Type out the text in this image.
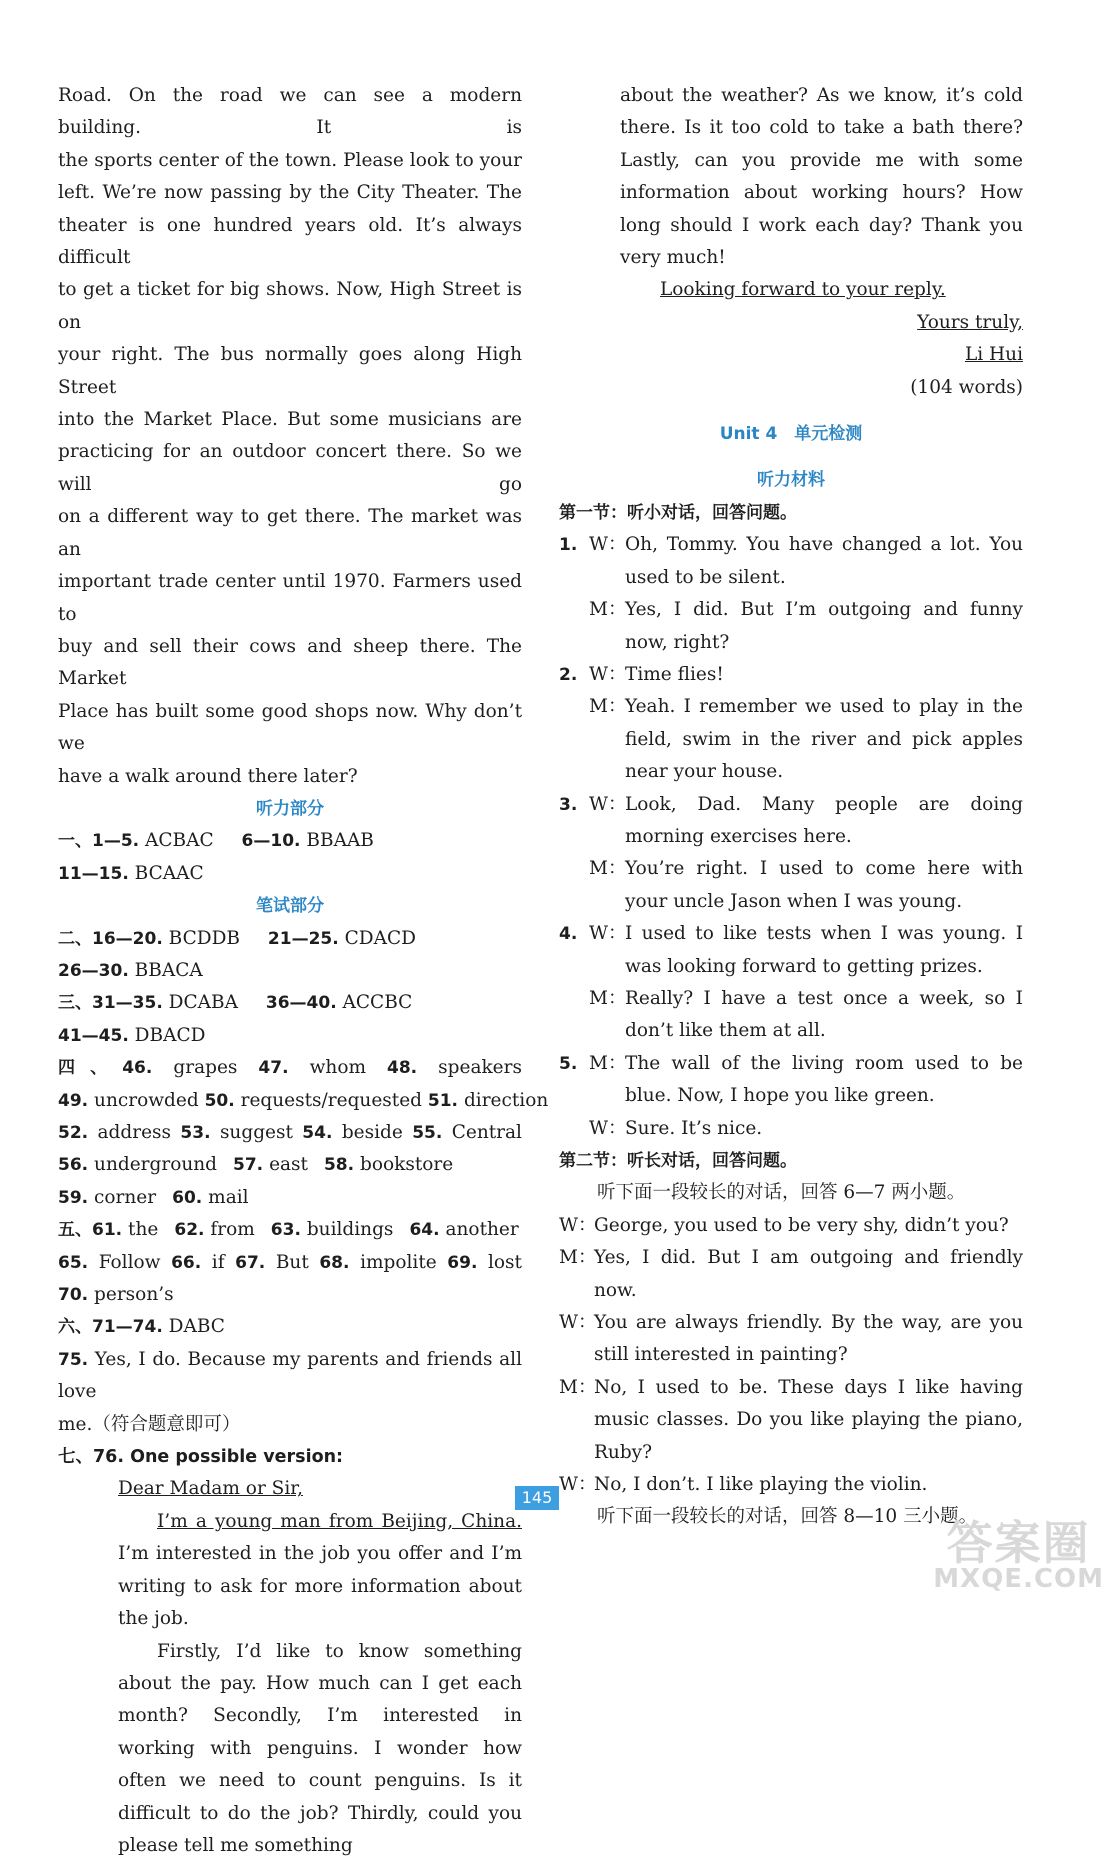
Road. On the road we can see a modern building. It is

the sports center of the town. Please look to your

left. We’re now passing by the City Theater. The

theater is one hundred years old. It’s always difficult

to get a ticket for big shows. Now, High Street is on

your right. The bus normally goes along High Street

into the Market Place. But some musicians are

practicing for an outdoor concert there. So we will go

on a different way to get there. The market was an

important trade center until 1970. Farmers used to

buy and sell their cows and sheep there. The Market

Place has built some good shops now. Why don’t we

have a walk around there later?

听力部分

一、1—5. ACBAC 6—10. BBAAB

11—15. BCAAC

笔试部分

二、16—20. BCDDB 21—25. CDACD

26—30. BBACA

三、31—35. DCABA 36—40. ACCBC

41—45. DBACD

四、46. grapes 47. whom 48. speakers

49. uncrowded 50. requests/requested 51. direction

52. address 53. suggest 54. beside 55. Central

56. underground 57. east 58. bookstore

59. corner 60. mail

五、61. the 62. from 63. buildings 64. another

65. Follow 66. if 67. But 68. impolite 69. lost

70. person’s

六、71—74. DABC

75. Yes, I do. Because my parents and friends all love

me.（符合题意即可）

七、76. One possible version:

Dear Madam or Sir,

I’m a young man from Beijing, China. I’m interested in the job you offer and I’m writing to ask for more information about the job.

Firstly, I’d like to know something about the pay. How much can I get each month? Secondly, I’m interested in working with penguins. I wonder how often we need to count penguins. Is it difficult to do the job? Thirdly, could you please tell me something

about the weather? As we know, it’s cold there. Is it too cold to take a bath there? Lastly, can you provide me with some information about working hours? How long should I work each day? Thank you very much!

Looking forward to your reply.

Yours truly,

Li Hui

(104 words)

Unit 4　单元检测

听力材料

第一节：听小对话，回答问题。

1. W：
Oh, Tommy. You have changed a lot. You used to be silent.
M：
Yes, I did. But I’m outgoing and funny now, right?
2. W：
Time flies!
M：
Yeah. I remember we used to play in the field, swim in the river and pick apples near your house.
3. W：
Look, Dad. Many people are doing morning exercises here.
M：
You’re right. I used to come here with your uncle Jason when I was young.
4. W：
I used to like tests when I was young. I was looking forward to getting prizes.
M：
Really? I have a test once a week, so I don’t like them at all.
5. M：
The wall of the living room used to be blue. Now, I hope you like green.
W：
Sure. It’s nice.

第二节：听长对话，回答问题。

听下面一段较长的对话，回答 6—7 两小题。

W：
George, you used to be very shy, didn’t you?
M：
Yes, I did. But I am outgoing and friendly now.
W：
You are always friendly. By the way, are you still interested in painting?
M：
No, I used to be. These days I like having music classes. Do you like playing the piano, Ruby?
W：
No, I don’t. I like playing the violin.

听下面一段较长的对话，回答 8—10 三小题。

145
答案圈
MXQE.COM
